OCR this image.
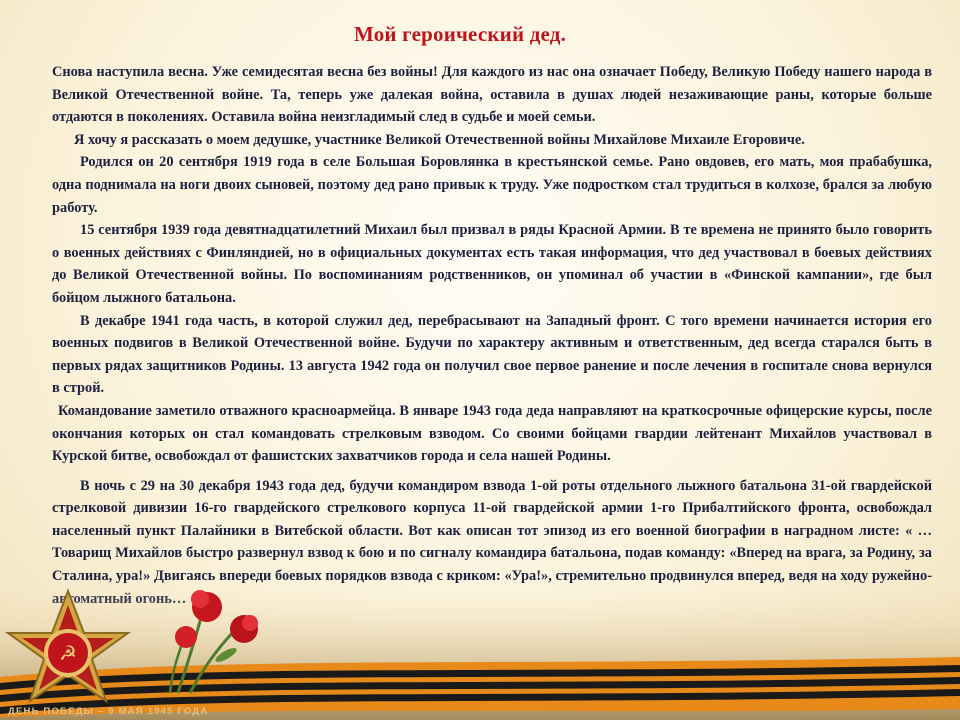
Мой героический дед.

Снова наступила весна. Уже семидесятая весна без войны! Для каждого из нас она означает Победу, Великую Победу нашего народа в Великой Отечественной войне. Та, теперь уже далекая война, оставила в душах людей незаживающие раны, которые больше отдаются в поколениях. Оставила война неизгладимый след в судьбе и моей семьи.

Я хочу я рассказать о моем дедушке, участнике Великой Отечественной войны Михайлове Михаиле Егоровиче.

Родился он 20 сентября 1919 года в селе Большая Боровлянка в крестьянской семье. Рано овдовев, его мать, моя прабабушка, одна поднимала на ноги двоих сыновей, поэтому дед рано привык к труду. Уже подростком стал трудиться в колхозе, брался за любую работу.

15 сентября 1939 года девятнадцатилетний Михаил был призвал в ряды Красной Армии. В те времена не принято было говорить о военных действиях с Финляндией, но в официальных документах есть такая информация, что дед участвовал в боевых действиях до Великой Отечественной войны. По воспоминаниям родственников, он упоминал об участии в «Финской кампании», где был бойцом лыжного батальона.

В декабре 1941 года часть, в которой служил дед, перебрасывают на Западный фронт. С того времени начинается история его военных подвигов в Великой Отечественной войне. Будучи по характеру активным и ответственным, дед всегда старался быть в первых рядах защитников Родины. 13 августа 1942 года он получил свое первое ранение и после лечения в госпитале снова вернулся в строй.

Командование заметило отважного красноармейца. В январе 1943 года деда направляют на краткосрочные офицерские курсы, после окончания которых он стал командовать стрелковым взводом. Со своими бойцами гвардии лейтенант Михайлов участвовал в Курской битве, освобождал от фашистских захватчиков города и села нашей Родины.

В ночь с 29 на 30 декабря 1943 года дед, будучи командиром взвода 1-ой роты отдельного лыжного батальона 31-ой гвардейской стрелковой дивизии 16-го гвардейского стрелкового корпуса 11-ой гвардейской армии 1-го Прибалтийского фронта, освобождал населенный пункт Палайники в Витебской области. Вот как описан тот эпизод из его военной биографии в наградном листе: « …Товарищ Михайлов быстро развернул взвод к бою и по сигналу командира батальона, подав команду: «Вперед на врага, за Родину, за Сталина, ура!» Двигаясь впереди боевых порядков взвода с криком: «Ура!», стремительно продвинулся вперед, ведя на ходу ружейно-

☭
ДЕНЬ ПОБЕДЫ – 9 МАЯ 1945 ГОДА
